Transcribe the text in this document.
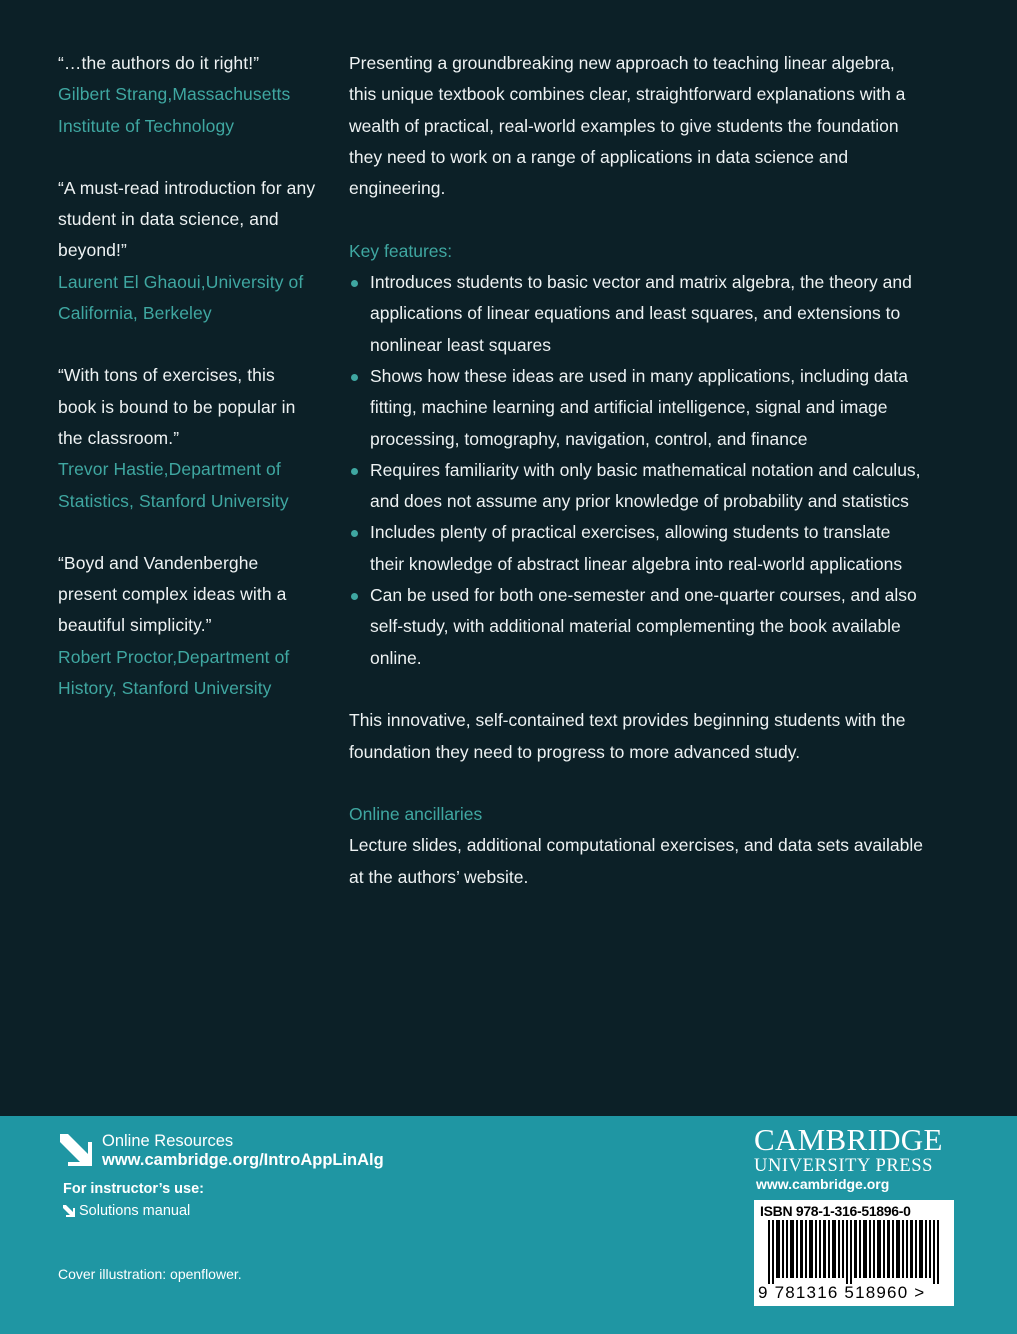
“…the authors do it right!”
Gilbert Strang,Massachusetts Institute of Technology
“A must-read introduction for any student in data science, and beyond!”
Laurent El Ghaoui,University of California, Berkeley
“With tons of exercises, this book is bound to be popular in the classroom.”
Trevor Hastie,Department of Statistics, Stanford University
“Boyd and Vandenberghe present complex ideas with a beautiful simplicity.”
Robert Proctor,Department of History, Stanford University

Presenting a groundbreaking new approach to teaching linear algebra, this unique textbook combines clear, straightforward explanations with a wealth of practical, real-world examples to give students the foundation they need to work on a range of applications in data science and engineering.

Key features:
Introduces students to basic vector and matrix algebra, the theory and applications of linear equations and least squares, and extensions to nonlinear least squares
Shows how these ideas are used in many applications, including data fitting, machine learning and artificial intelligence, signal and image processing, tomography, navigation, control, and finance
Requires familiarity with only basic mathematical notation and calculus, and does not assume any prior knowledge of probability and statistics
Includes plenty of practical exercises, allowing students to translate their knowledge of abstract linear algebra into real-world applications
Can be used for both one-semester and one-quarter courses, and also self-study, with additional material complementing the book available online.

This innovative, self-contained text provides beginning students with the foundation they need to progress to more advanced study.

Online ancillaries

Lecture slides, additional computational exercises, and data sets available at the authors’ website.

Online Resources
www.cambridge.org/IntroAppLinAlg
For instructor’s use:
Solutions manual
Cover illustration: openflower.
CAMBRIDGE
UNIVERSITY PRESS
www.cambridge.org
ISBN 978-1-316-51896-0
9 781316 518960 >
